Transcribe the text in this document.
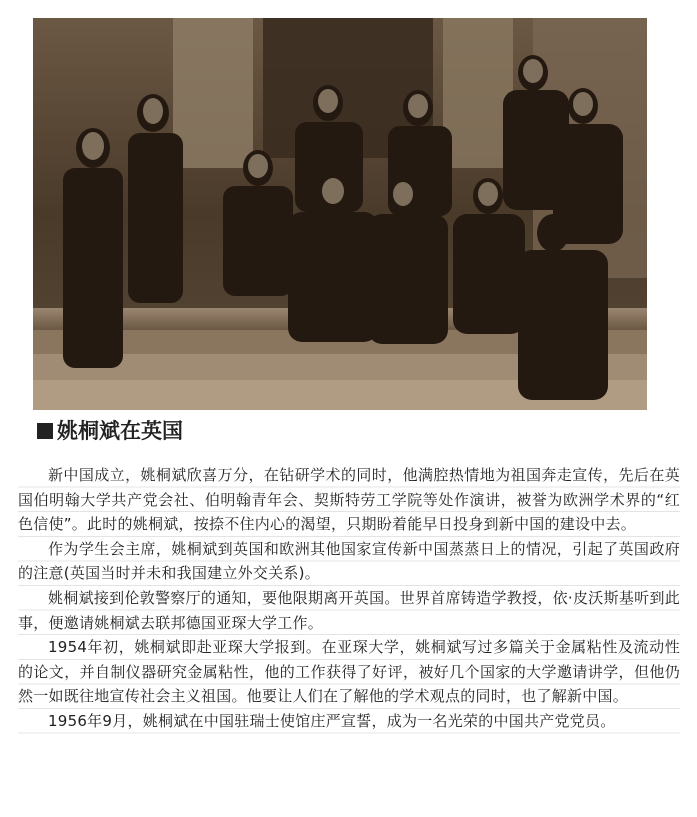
姚桐斌在英国

新中国成立，姚桐斌欣喜万分，在钻研学术的同时，他满腔热情地为祖国奔走宣传，先后在英国伯明翰大学共产党会社、伯明翰青年会、契斯特劳工学院等处作演讲，被誉为欧洲学术界的“红色信使”。此时的姚桐斌，按捺不住内心的渴望，只期盼着能早日投身到新中国的建设中去。

作为学生会主席，姚桐斌到英国和欧洲其他国家宣传新中国蒸蒸日上的情况，引起了英国政府的注意(英国当时并未和我国建立外交关系)。

姚桐斌接到伦敦警察厅的通知，要他限期离开英国。世界首席铸造学教授，依·皮沃斯基听到此事，便邀请姚桐斌去联邦德国亚琛大学工作。

1954年初，姚桐斌即赴亚琛大学报到。在亚琛大学，姚桐斌写过多篇关于金属粘性及流动性的论文，并自制仪器研究金属粘性，他的工作获得了好评，被好几个国家的大学邀请讲学，但他仍然一如既往地宣传社会主义祖国。他要让人们在了解他的学术观点的同时，也了解新中国。

1956年9月，姚桐斌在中国驻瑞士使馆庄严宣誓，成为一名光荣的中国共产党党员。
